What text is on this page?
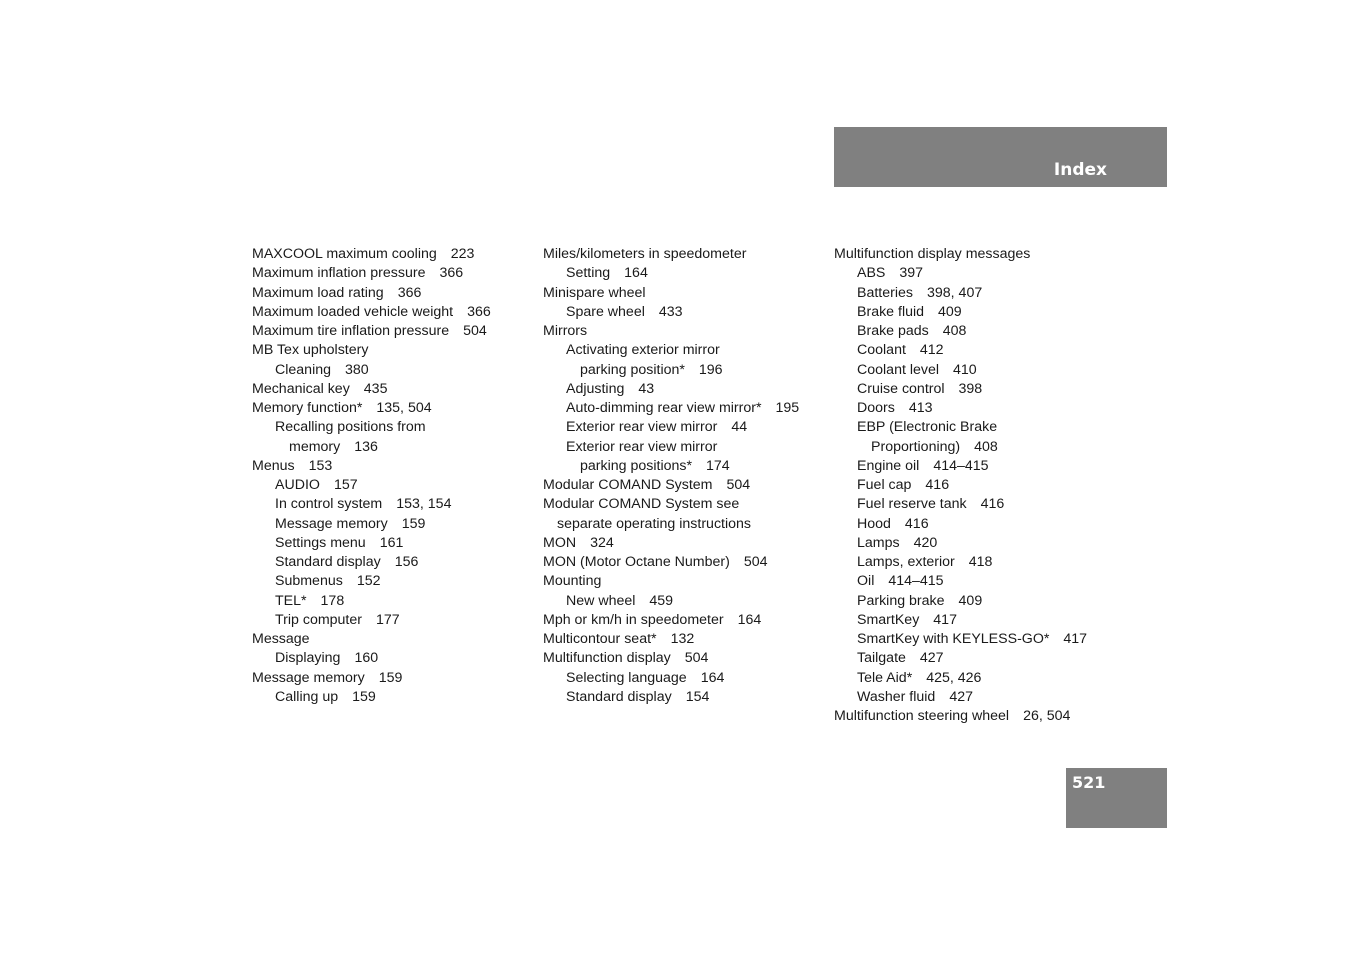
Index
MAXCOOL maximum cooling 223
Maximum inflation pressure 366
Maximum load rating 366
Maximum loaded vehicle weight 366
Maximum tire inflation pressure 504
MB Tex upholstery
Cleaning 380
Mechanical key 435
Memory function* 135, 504
Recalling positions from
memory 136
Menus 153
AUDIO 157
In control system 153, 154
Message memory 159
Settings menu 161
Standard display 156
Submenus 152
TEL* 178
Trip computer 177
Message
Displaying 160
Message memory 159
Calling up 159
Miles/kilometers in speedometer
Setting 164
Minispare wheel
Spare wheel 433
Mirrors
Activating exterior mirror
parking position* 196
Adjusting 43
Auto-dimming rear view mirror* 195
Exterior rear view mirror 44
Exterior rear view mirror
parking positions* 174
Modular COMAND System 504
Modular COMAND System see
separate operating instructions
MON 324
MON (Motor Octane Number) 504
Mounting
New wheel 459
Mph or km/h in speedometer 164
Multicontour seat* 132
Multifunction display 504
Selecting language 164
Standard display 154
Multifunction display messages
ABS 397
Batteries 398, 407
Brake fluid 409
Brake pads 408
Coolant 412
Coolant level 410
Cruise control 398
Doors 413
EBP (Electronic Brake
Proportioning) 408
Engine oil 414–415
Fuel cap 416
Fuel reserve tank 416
Hood 416
Lamps 420
Lamps, exterior 418
Oil 414–415
Parking brake 409
SmartKey 417
SmartKey with KEYLESS-GO* 417
Tailgate 427
Tele Aid* 425, 426
Washer fluid 427
Multifunction steering wheel 26, 504
521
